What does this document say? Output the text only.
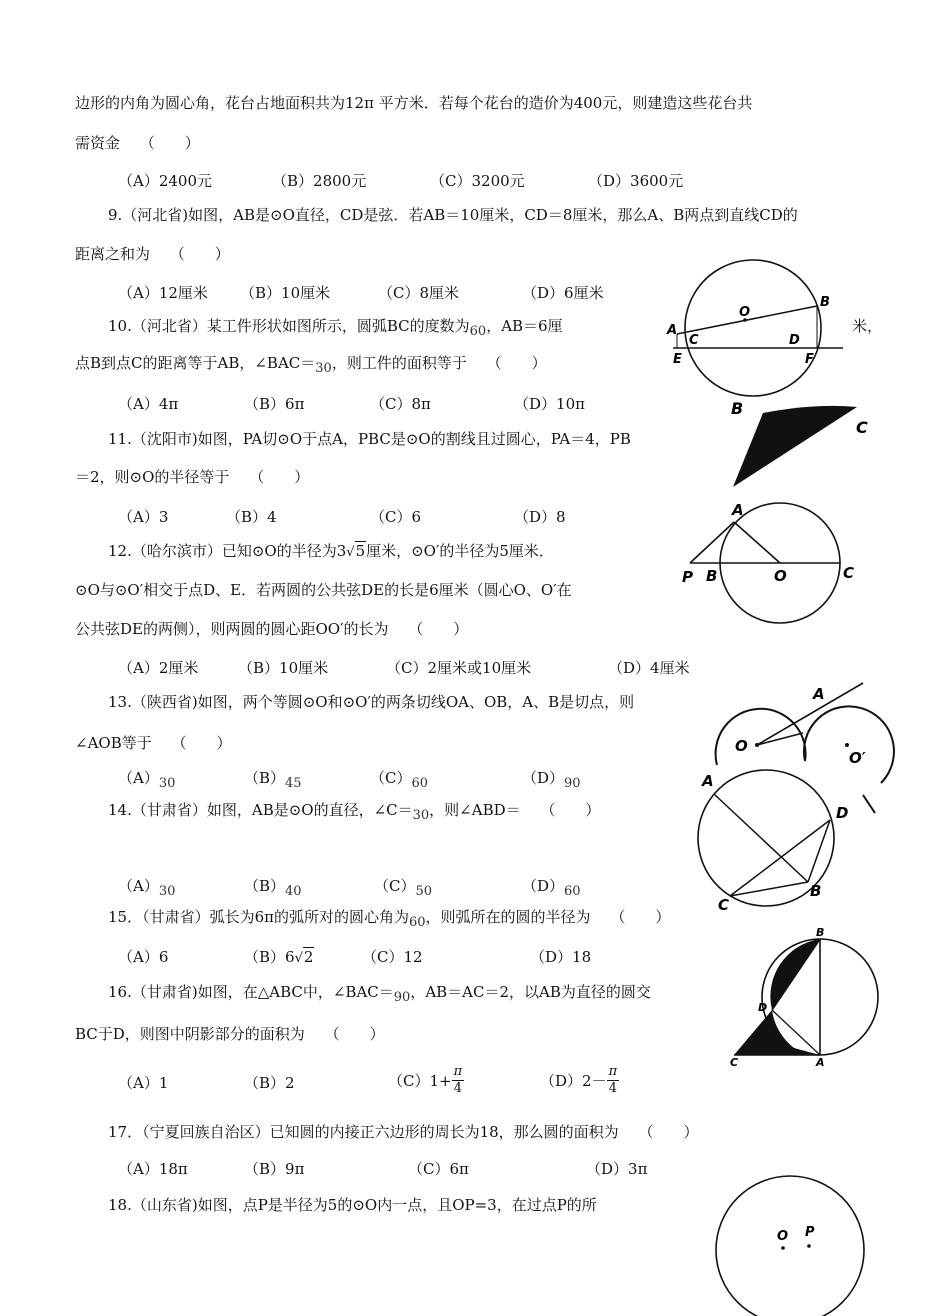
边形的内角为圆心角，花台占地面积共为12π 平方米．若每个花台的造价为400元，则建造这些花台共
需资金　 （　　）
（A）2400元	（B）2800元	（C）3200元	（D）3600元
9.（河北省)如图，AB是⊙O直径，CD是弦．若AB＝10厘米，CD＝8厘米，那么A、B两点到直线CD的
距离之和为　 （　　）
（A）12厘米 （B）10厘米	（C）8厘米	（D）6厘米
A
B
O
C	D
E	F
10.（河北省）某工件形状如图所示，圆弧BC的度数为60，AB＝6厘	米，
点B到点C的距离等于AB，∠BAC＝30，则工件的面积等于　 （　　）
（A）4π	（B）6π	（C）8π	（D）10π	B
C
11.（沈阳市)如图，PA切⊙O于点A，PBC是⊙O的割线且过圆心，PA＝4，PB
＝2，则⊙O的半径等于　 （　　）
（A）3	（B）4	（C）6	（D）8	A
P B	O	C
12.（哈尔滨市）已知⊙O的半径为3√5厘米，⊙O′的半径为5厘米．
⊙O与⊙O′相交于点D、E．若两圆的公共弦DE的长是6厘米（圆心O、O′在
公共弦DE的两侧），则两圆的圆心距OO′的长为　 （　　）
（A）2厘米	（B）10厘米	（C）2厘米或10厘米	（D）4厘米
13.（陕西省)如图，两个等圆⊙O和⊙O′的两条切线OA、OB，A、B是切点，则
∠AOB等于　 （　　）
（A）30	（B）45	（C）60	（D）90
A
O
O′
14.（甘肃省）如图，AB是⊙O的直径，∠C＝30，则∠ABD＝　 （　　）
（A）30	（B）40	（C）50	（D）60
A
D
C
B
15．（甘肃省）弧长为6π的弧所对的圆心角为60，则弧所在的圆的半径为　 （　　）
（A）6	（B）6√2	（C）12	（D）18
16.（甘肃省)如图，在△ABC中，∠BAC＝90，AB＝AC＝2，以AB为直径的圆交
BC于D，则图中阴影部分的面积为　 （　　）
（A）1	（B）2	$(C)1+ \frac{\pi}{4}$	$(D)2- \frac{\pi}{4}$
B
D
C	A
17．（宁夏回族自治区）已知圆的内接正六边形的周长为18，那么圆的面积为　 （　　）
（A）18π	（B）9π	（C）6π	（D）3π
18.（山东省)如图，点P是半径为5的⊙O内一点，且OP=3，在过点P的所
O P
